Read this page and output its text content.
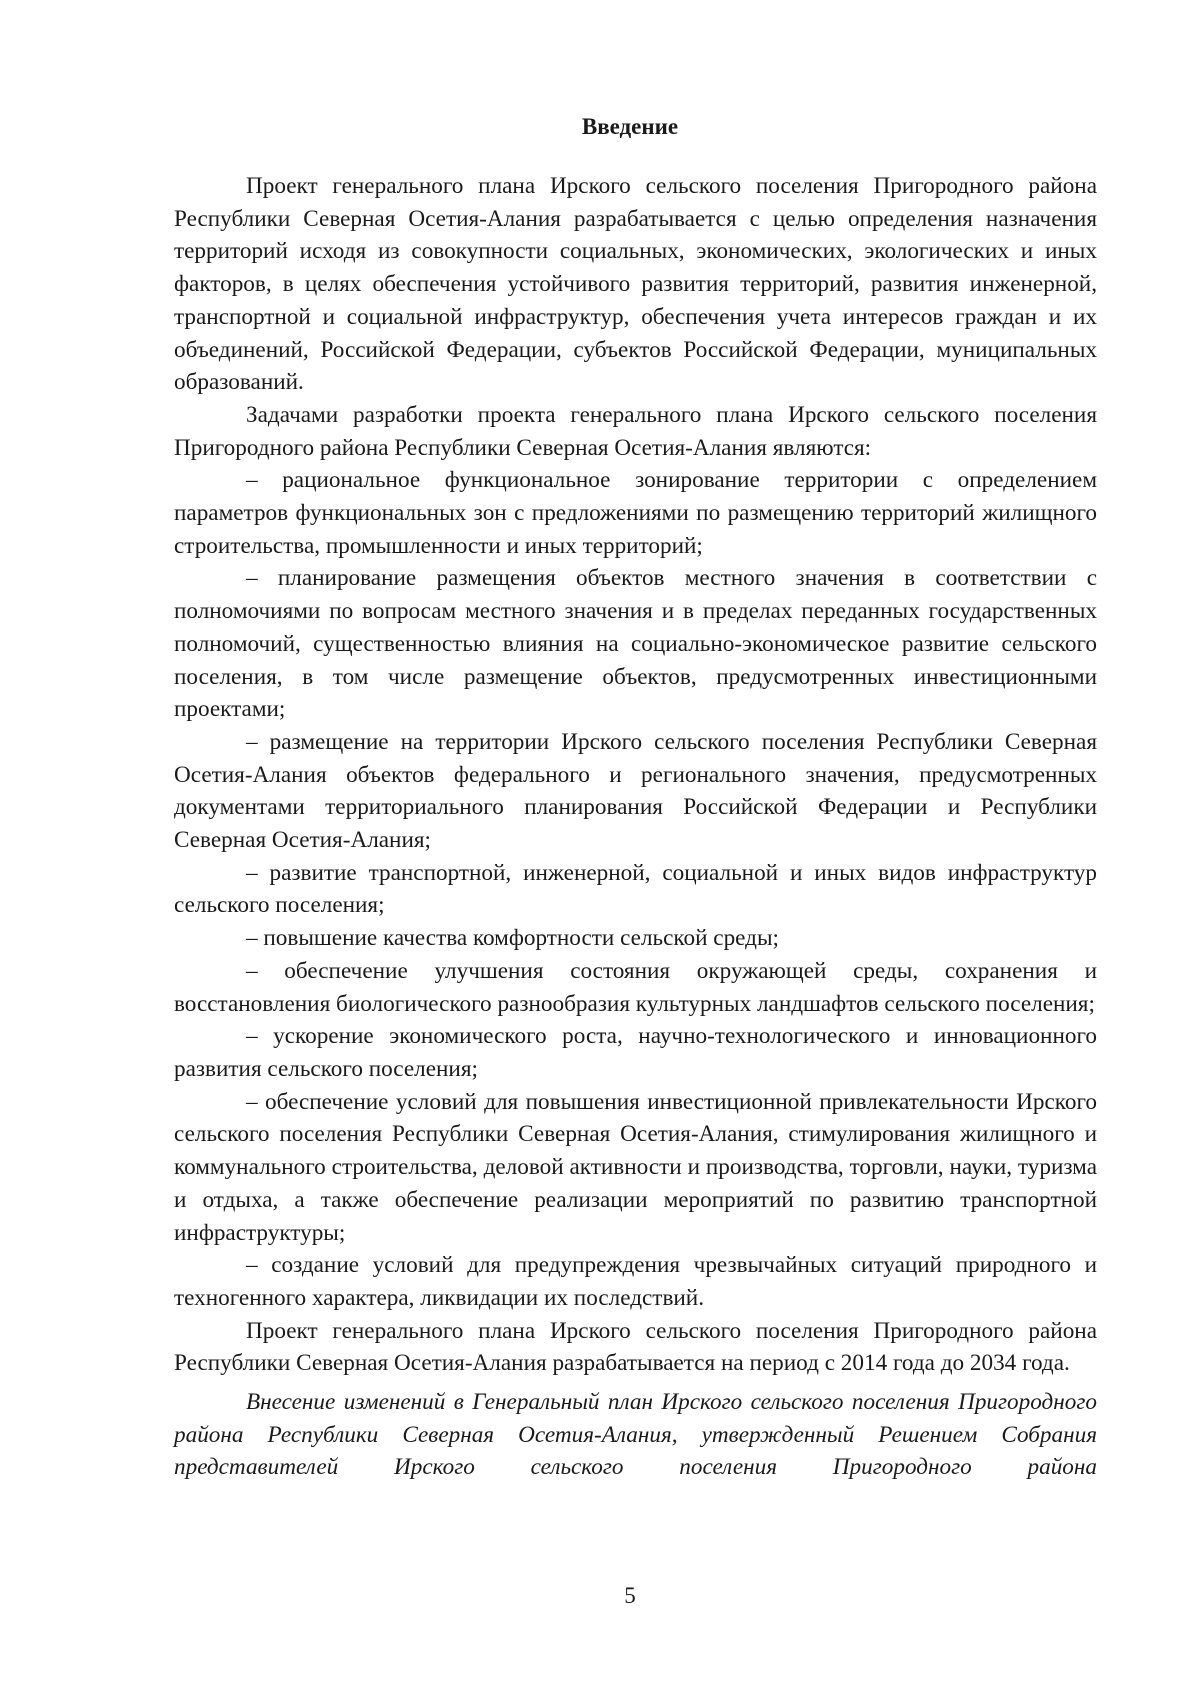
Введение

Проект генерального плана Ирского сельского поселения Пригородного района Республики Северная Осетия-Алания разрабатывается с целью определения назначения территорий исходя из совокупности социальных, экономических, экологических и иных факторов, в целях обеспечения устойчивого развития территорий, развития инженерной, транспортной и социальной инфраструктур, обеспечения учета интересов граждан и их объединений, Российской Федерации, субъектов Российской Федерации, муниципальных образований.

Задачами разработки проекта генерального плана Ирского сельского поселения Пригородного района Республики Северная Осетия-Алания являются:

– рациональное функциональное зонирование территории с определением параметров функциональных зон с предложениями по размещению территорий жилищного строительства, промышленности и иных территорий;

– планирование размещения объектов местного значения в соответствии с полномочиями по вопросам местного значения и в пределах переданных государственных полномочий, существенностью влияния на социально-экономическое развитие сельского поселения, в том числе размещение объектов, предусмотренных инвестиционными проектами;

– размещение на территории Ирского сельского поселения Республики Северная Осетия-Алания объектов федерального и регионального значения, предусмотренных документами территориального планирования Российской Федерации и Республики Северная Осетия-Алания;

– развитие транспортной, инженерной, социальной и иных видов инфраструктур сельского поселения;

– повышение качества комфортности сельской среды;

– обеспечение улучшения состояния окружающей среды, сохранения и восстановления биологического разнообразия культурных ландшафтов сельского поселения;

– ускорение экономического роста, научно-технологического и инновационного развития сельского поселения;

– обеспечение условий для повышения инвестиционной привлекательности Ирского сельского поселения Республики Северная Осетия-Алания, стимулирования жилищного и коммунального строительства, деловой активности и производства, торговли, науки, туризма и отдыха, а также обеспечение реализации мероприятий по развитию транспортной инфраструктуры;

– создание условий для предупреждения чрезвычайных ситуаций природного и техногенного характера, ликвидации их последствий.

Проект генерального плана Ирского сельского поселения Пригородного района Республики Северная Осетия-Алания разрабатывается на период с 2014 года до 2034 года.

Внесение изменений в Генеральный план Ирского сельского поселения Пригородного района Республики Северная Осетия-Алания, утвержденный Решением Собрания представителей Ирского сельского поселения Пригородного района

5
